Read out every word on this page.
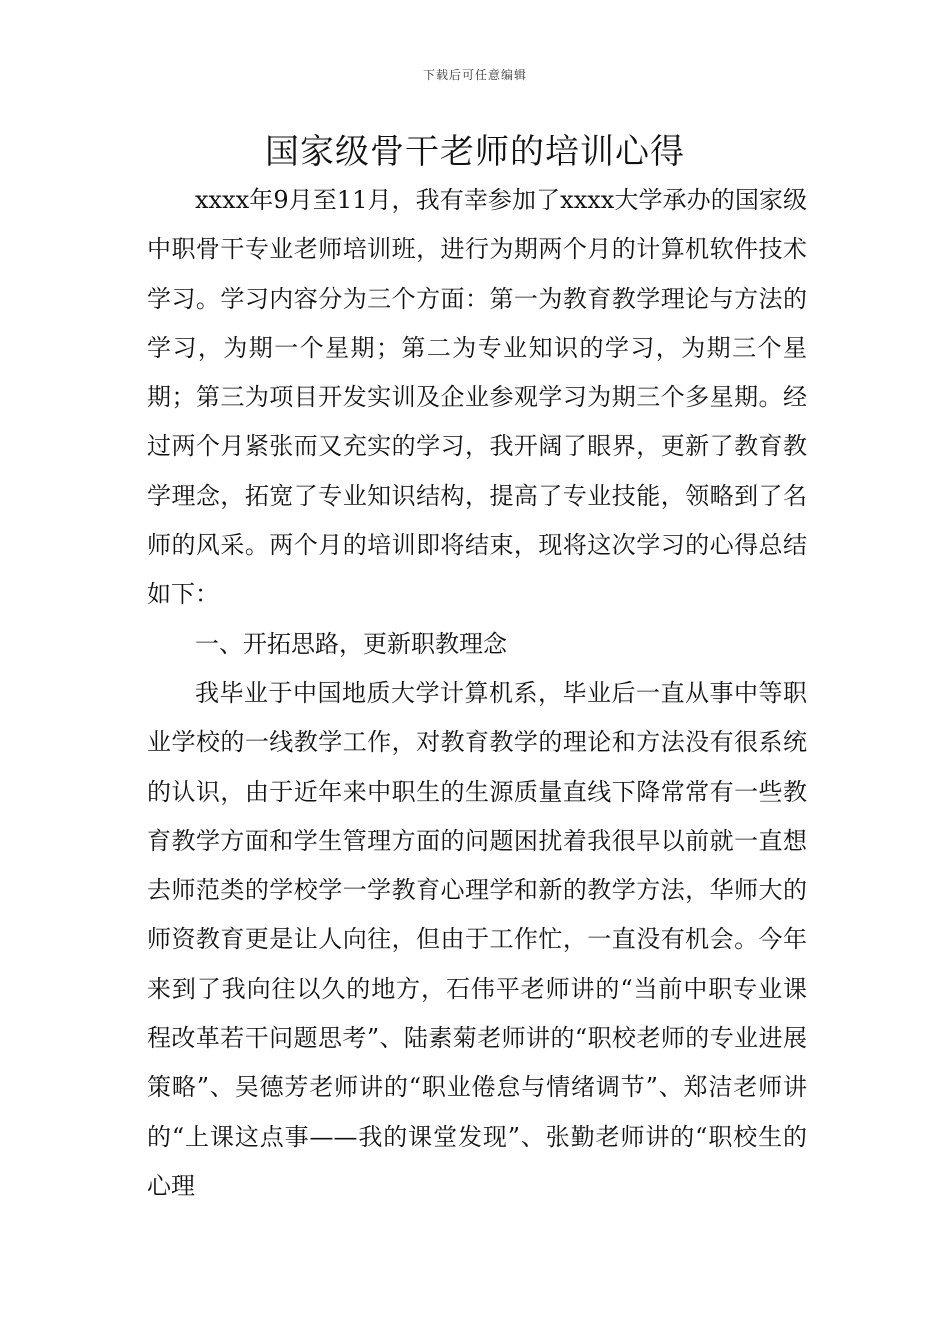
下载后可任意编辑
国家级骨干老师的培训心得

xxxx年9月至11月，我有幸参加了xxxx大学承办的国家级中职骨干专业老师培训班，进行为期两个月的计算机软件技术学习。学习内容分为三个方面：第一为教育教学理论与方法的学习，为期一个星期；第二为专业知识的学习，为期三个星期；第三为项目开发实训及企业参观学习为期三个多星期。经过两个月紧张而又充实的学习，我开阔了眼界，更新了教育教学理念，拓宽了专业知识结构，提高了专业技能，领略到了名师的风采。两个月的培训即将结束，现将这次学习的心得总结如下：

一、开拓思路，更新职教理念

我毕业于中国地质大学计算机系，毕业后一直从事中等职业学校的一线教学工作，对教育教学的理论和方法没有很系统的认识，由于近年来中职生的生源质量直线下降常常有一些教育教学方面和学生管理方面的问题困扰着我很早以前就一直想去师范类的学校学一学教育心理学和新的教学方法，华师大的师资教育更是让人向往，但由于工作忙，一直没有机会。今年来到了我向往以久的地方，石伟平老师讲的“当前中职专业课程改革若干问题思考”、陆素菊老师讲的“职校老师的专业进展策略”、吴德芳老师讲的“职业倦怠与情绪调节”、郑洁老师讲的“上课这点事——我的课堂发现”、张勤老师讲的“职校生的心理
